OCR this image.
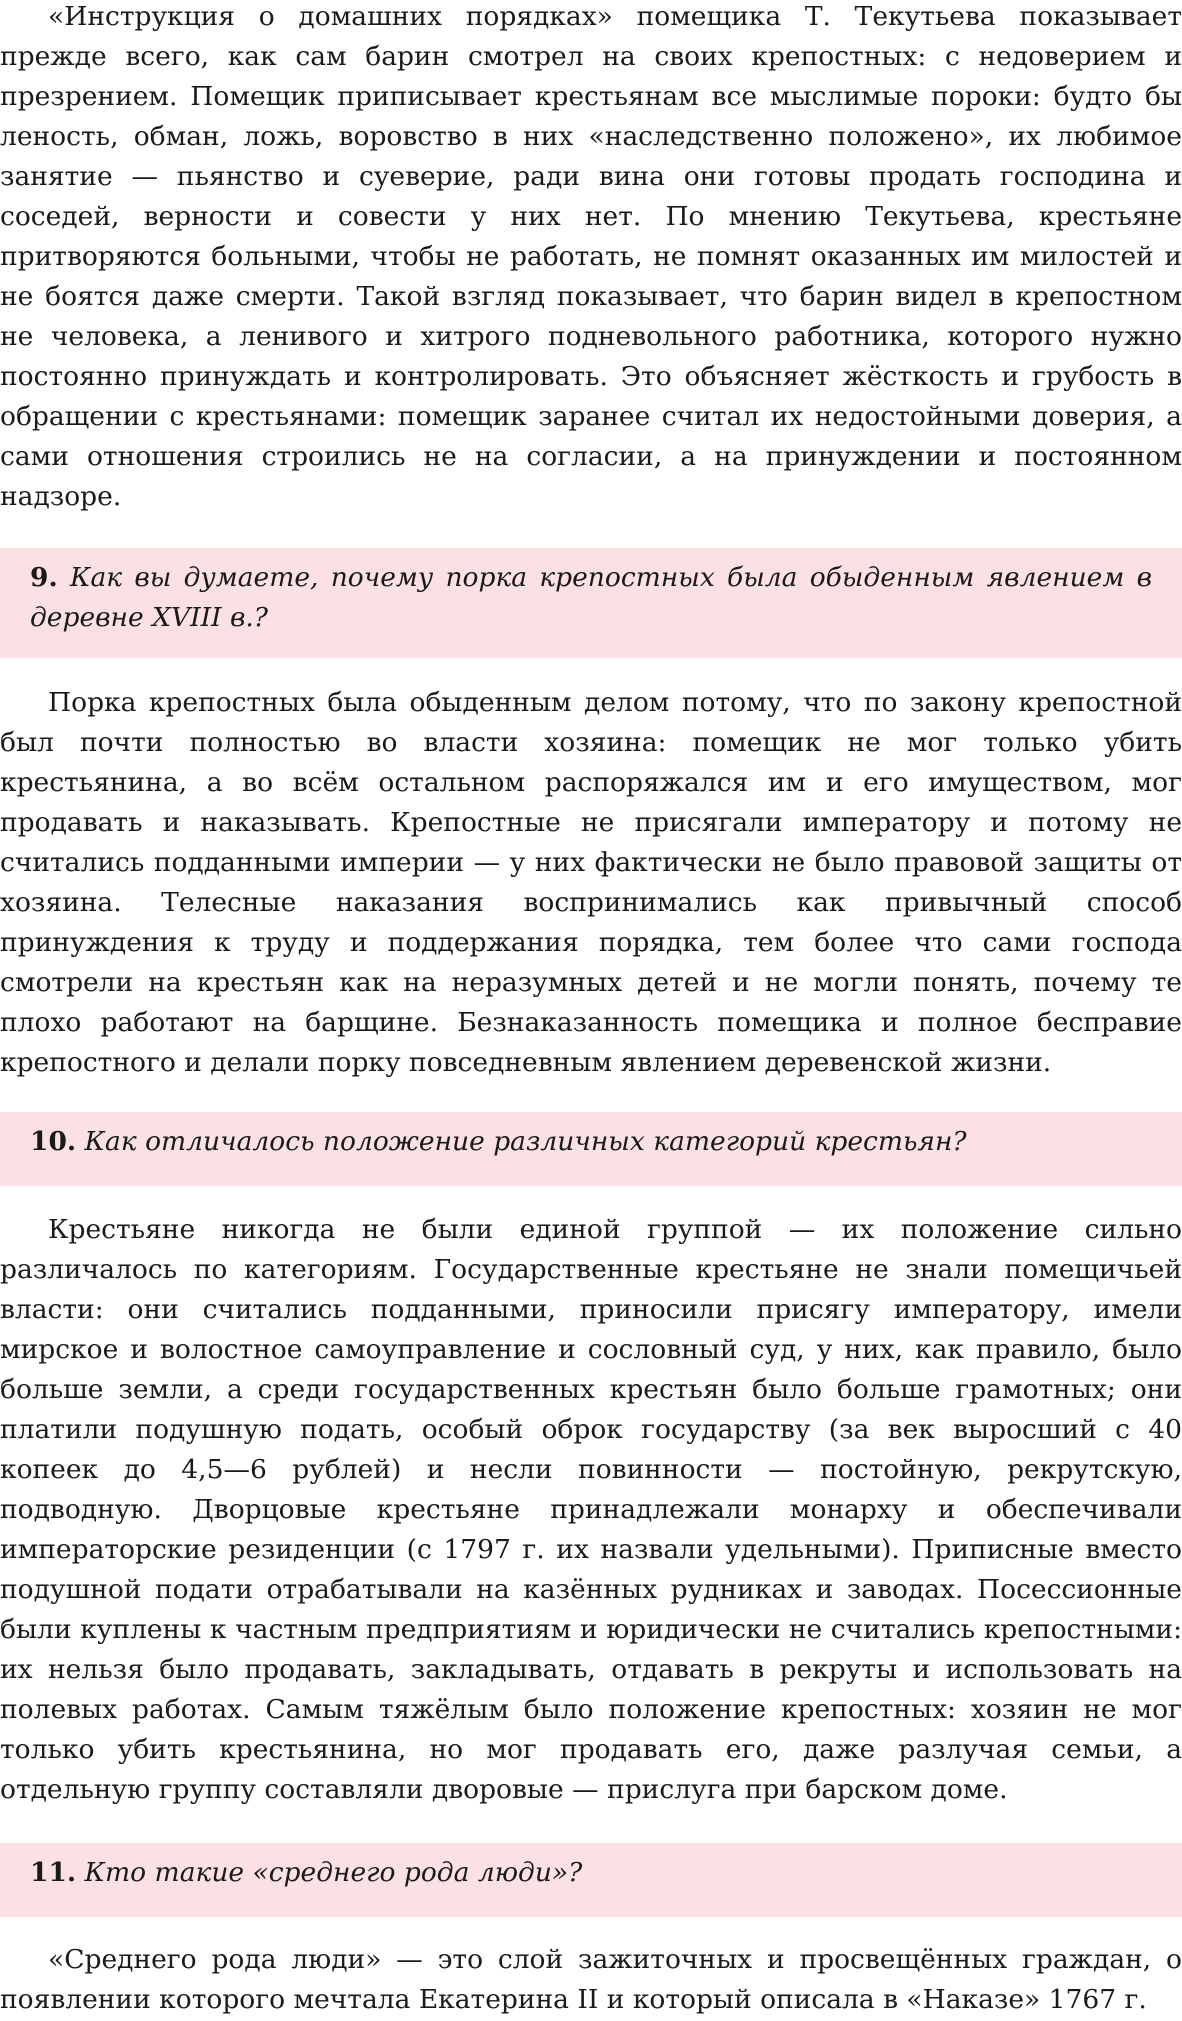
«Инструкция о домашних порядках» помещика Т. Текутьева показывает прежде всего, как сам барин смотрел на своих крепостных: с недоверием и презрением. Помещик приписывает крестьянам все мыслимые пороки: будто бы леность, обман, ложь, воровство в них «наследственно положено», их любимое занятие — пьянство и суеверие, ради вина они готовы продать господина и соседей, верности и совести у них нет. По мнению Текутьева, крестьяне притворяются больными, чтобы не работать, не помнят оказанных им милостей и не боятся даже смерти. Такой взгляд показывает, что барин видел в крепостном не человека, а ленивого и хитрого подневольного работника, которого нужно постоянно принуждать и контролировать. Это объясняет жёсткость и грубость в обращении с крестьянами: помещик заранее считал их недостойными доверия, а сами отношения строились не на согласии, а на принуждении и постоянном надзоре.

9. Как вы думаете, почему порка крепостных была обыденным явлением в деревне XVIII в.?

Порка крепостных была обыденным делом потому, что по закону крепостной был почти полностью во власти хозяина: помещик не мог только убить крестьянина, а во всём остальном распоряжался им и его имуществом, мог продавать и наказывать. Крепостные не присягали императору и потому не считались подданными империи — у них фактически не было правовой защиты от хозяина. Телесные наказания воспринимались как привычный способ принуждения к труду и поддержания порядка, тем более что сами господа смотрели на крестьян как на неразумных детей и не могли понять, почему те плохо работают на барщине. Безнаказанность помещика и полное бесправие крепостного и делали порку повседневным явлением деревенской жизни.

10. Как отличалось положение различных категорий крестьян?

Крестьяне никогда не были единой группой — их положение сильно различалось по категориям. Государственные крестьяне не знали помещичьей власти: они считались подданными, приносили присягу императору, имели мирское и волостное самоуправление и сословный суд, у них, как правило, было больше земли, а среди государственных крестьян было больше грамотных; они платили подушную подать, особый оброк государству (за век выросший с 40 копеек до 4,5—6 рублей) и несли повинности — постойную, рекрутскую, подводную. Дворцовые крестьяне принадлежали монарху и обеспечивали императорские резиденции (с 1797 г. их назвали удельными). Приписные вместо подушной подати отрабатывали на казённых рудниках и заводах. Посессионные были куплены к частным предприятиям и юридически не считались крепостными: их нельзя было продавать, закладывать, отдавать в рекруты и использовать на полевых работах. Самым тяжёлым было положение крепостных: хозяин не мог только убить крестьянина, но мог продавать его, даже разлучая семьи, а отдельную группу составляли дворовые — прислуга при барском доме.

11. Кто такие «среднего рода люди»?

«Среднего рода люди» — это слой зажиточных и просвещённых граждан, о появлении которого мечтала Екатерина II и который описала в «Наказе» 1767 г.
